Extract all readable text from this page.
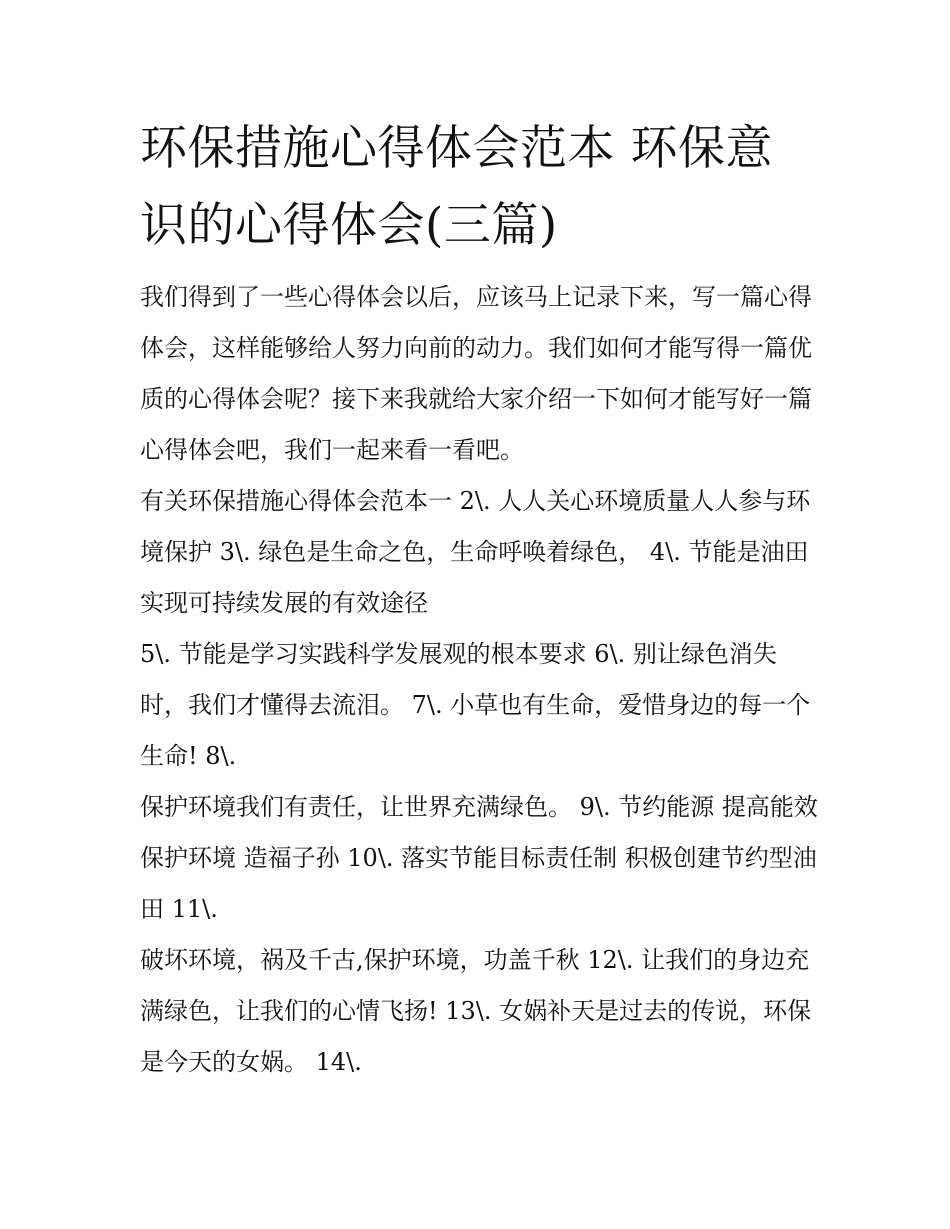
环保措施心得体会范本 环保意识的心得体会(三篇)

我们得到了一些心得体会以后，应该马上记录下来，写一篇心得体会，这样能够给人努力向前的动力。我们如何才能写得一篇优质的心得体会呢？接下来我就给大家介绍一下如何才能写好一篇心得体会吧，我们一起来看一看吧。

有关环保措施心得体会范本一 2\. 人人关心环境质量人人参与环境保护 3\. 绿色是生命之色，生命呼唤着绿色， 4\. 节能是油田实现可持续发展的有效途径

5\. 节能是学习实践科学发展观的根本要求 6\. 别让绿色消失时，我们才懂得去流泪。 7\. 小草也有生命，爱惜身边的每一个生命! 8\.

保护环境我们有责任，让世界充满绿色。 9\. 节约能源 提高能效 保护环境 造福子孙 10\. 落实节能目标责任制 积极创建节约型油田 11\.

破坏环境，祸及千古,保护环境，功盖千秋 12\. 让我们的身边充满绿色，让我们的心情飞扬! 13\. 女娲补天是过去的传说，环保是今天的女娲。 14\.
